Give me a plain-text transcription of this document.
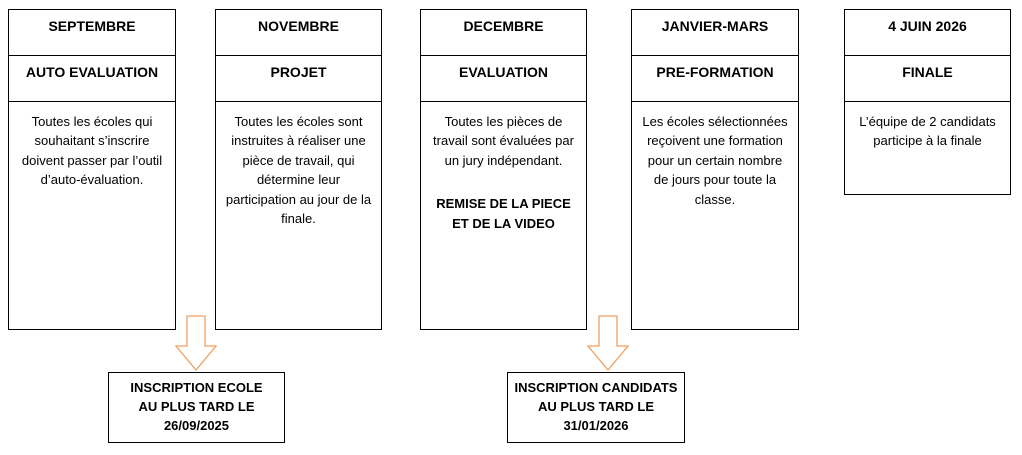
SEPTEMBRE
AUTO EVALUATION
Toutes les écoles qui souhaitant s’inscrire doivent passer par l’outil d’auto-évaluation.
NOVEMBRE
PROJET
Toutes les écoles sont instruites à réaliser une pièce de travail, qui détermine leur participation au jour de la finale.
DECEMBRE
EVALUATION
Toutes les pièces de travail sont évaluées par un jury indépendant.
REMISE DE LA PIECE ET DE LA VIDEO
JANVIER-MARS
PRE-FORMATION
Les écoles sélectionnées reçoivent une formation pour un certain nombre de jours pour toute la classe.
4 JUIN 2026
FINALE
L’équipe de 2 candidats participe à la finale
INSCRIPTION ECOLE
AU PLUS TARD LE
26/09/2025
INSCRIPTION CANDIDATS
AU PLUS TARD LE
31/01/2026
